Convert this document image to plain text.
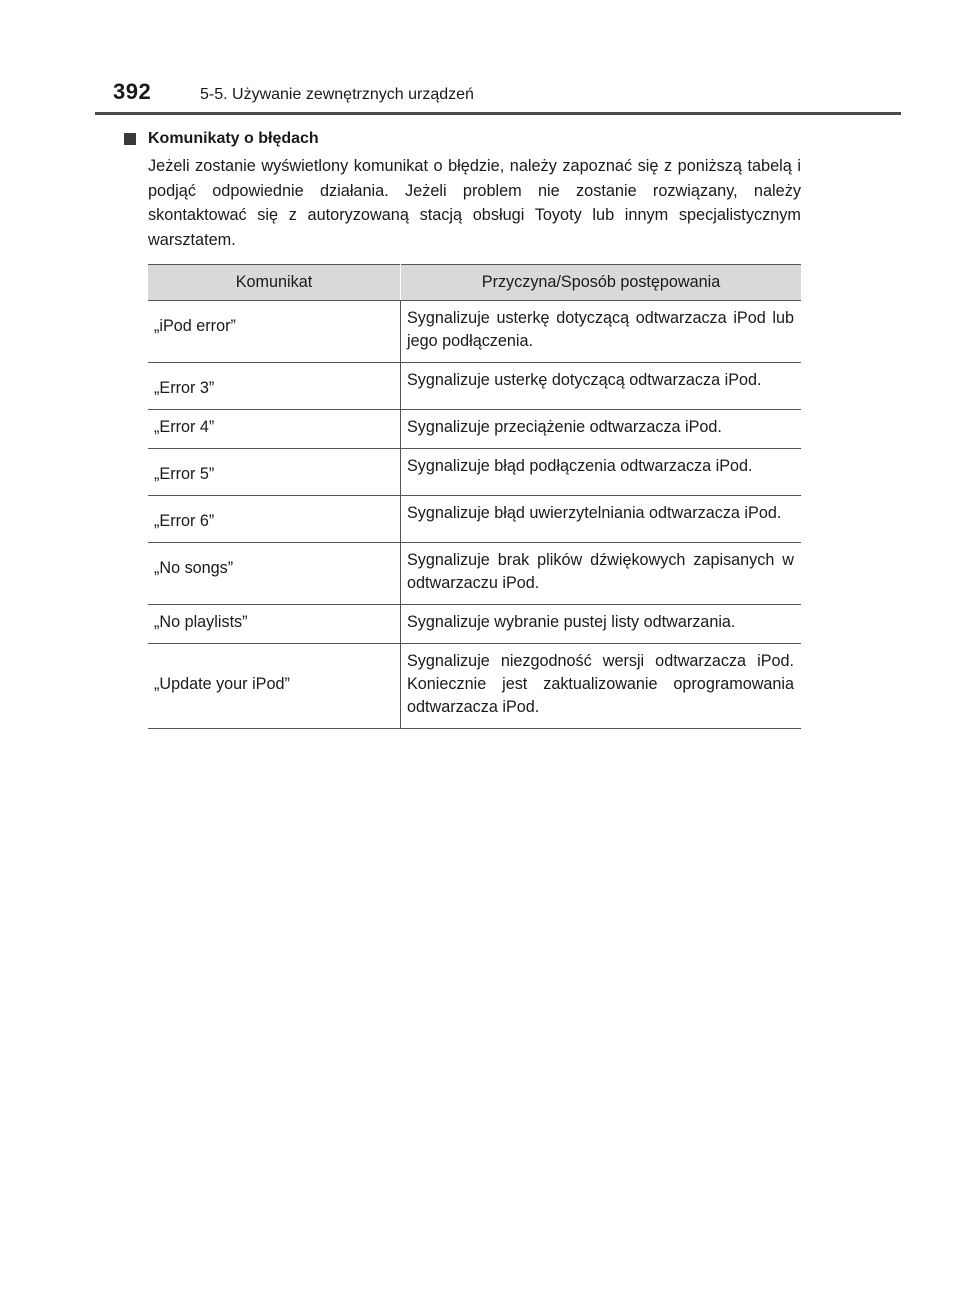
392	5-5. Używanie zewnętrznych urządzeń
Komunikaty o błędach

Jeżeli zostanie wyświetlony komunikat o błędzie, należy zapoznać się z poniższą tabelą i podjąć odpowiednie działania. Jeżeli problem nie zostanie rozwiązany, należy skontaktować się z autoryzowaną stacją obsługi Toyoty lub innym specjalistycznym warsztatem.

Komunikat	Przyczyna/Sposób postępowania
„iPod error”	Sygnalizuje usterkę dotyczącą odtwarzacza iPod lub jego podłączenia.
„Error 3”	Sygnalizuje usterkę dotyczącą odtwarzacza iPod.
„Error 4”	Sygnalizuje przeciążenie odtwarzacza iPod.
„Error 5”	Sygnalizuje błąd podłączenia odtwarzacza iPod.
„Error 6”	Sygnalizuje błąd uwierzytelniania odtwarzacza iPod.
„No songs”	Sygnalizuje brak plików dźwiękowych zapisanych w odtwarzaczu iPod.
„No playlists”	Sygnalizuje wybranie pustej listy odtwarzania.
„Update your iPod”	Sygnalizuje niezgodność wersji odtwarzacza iPod. Koniecznie jest zaktualizowanie oprogramowania odtwarzacza iPod.
